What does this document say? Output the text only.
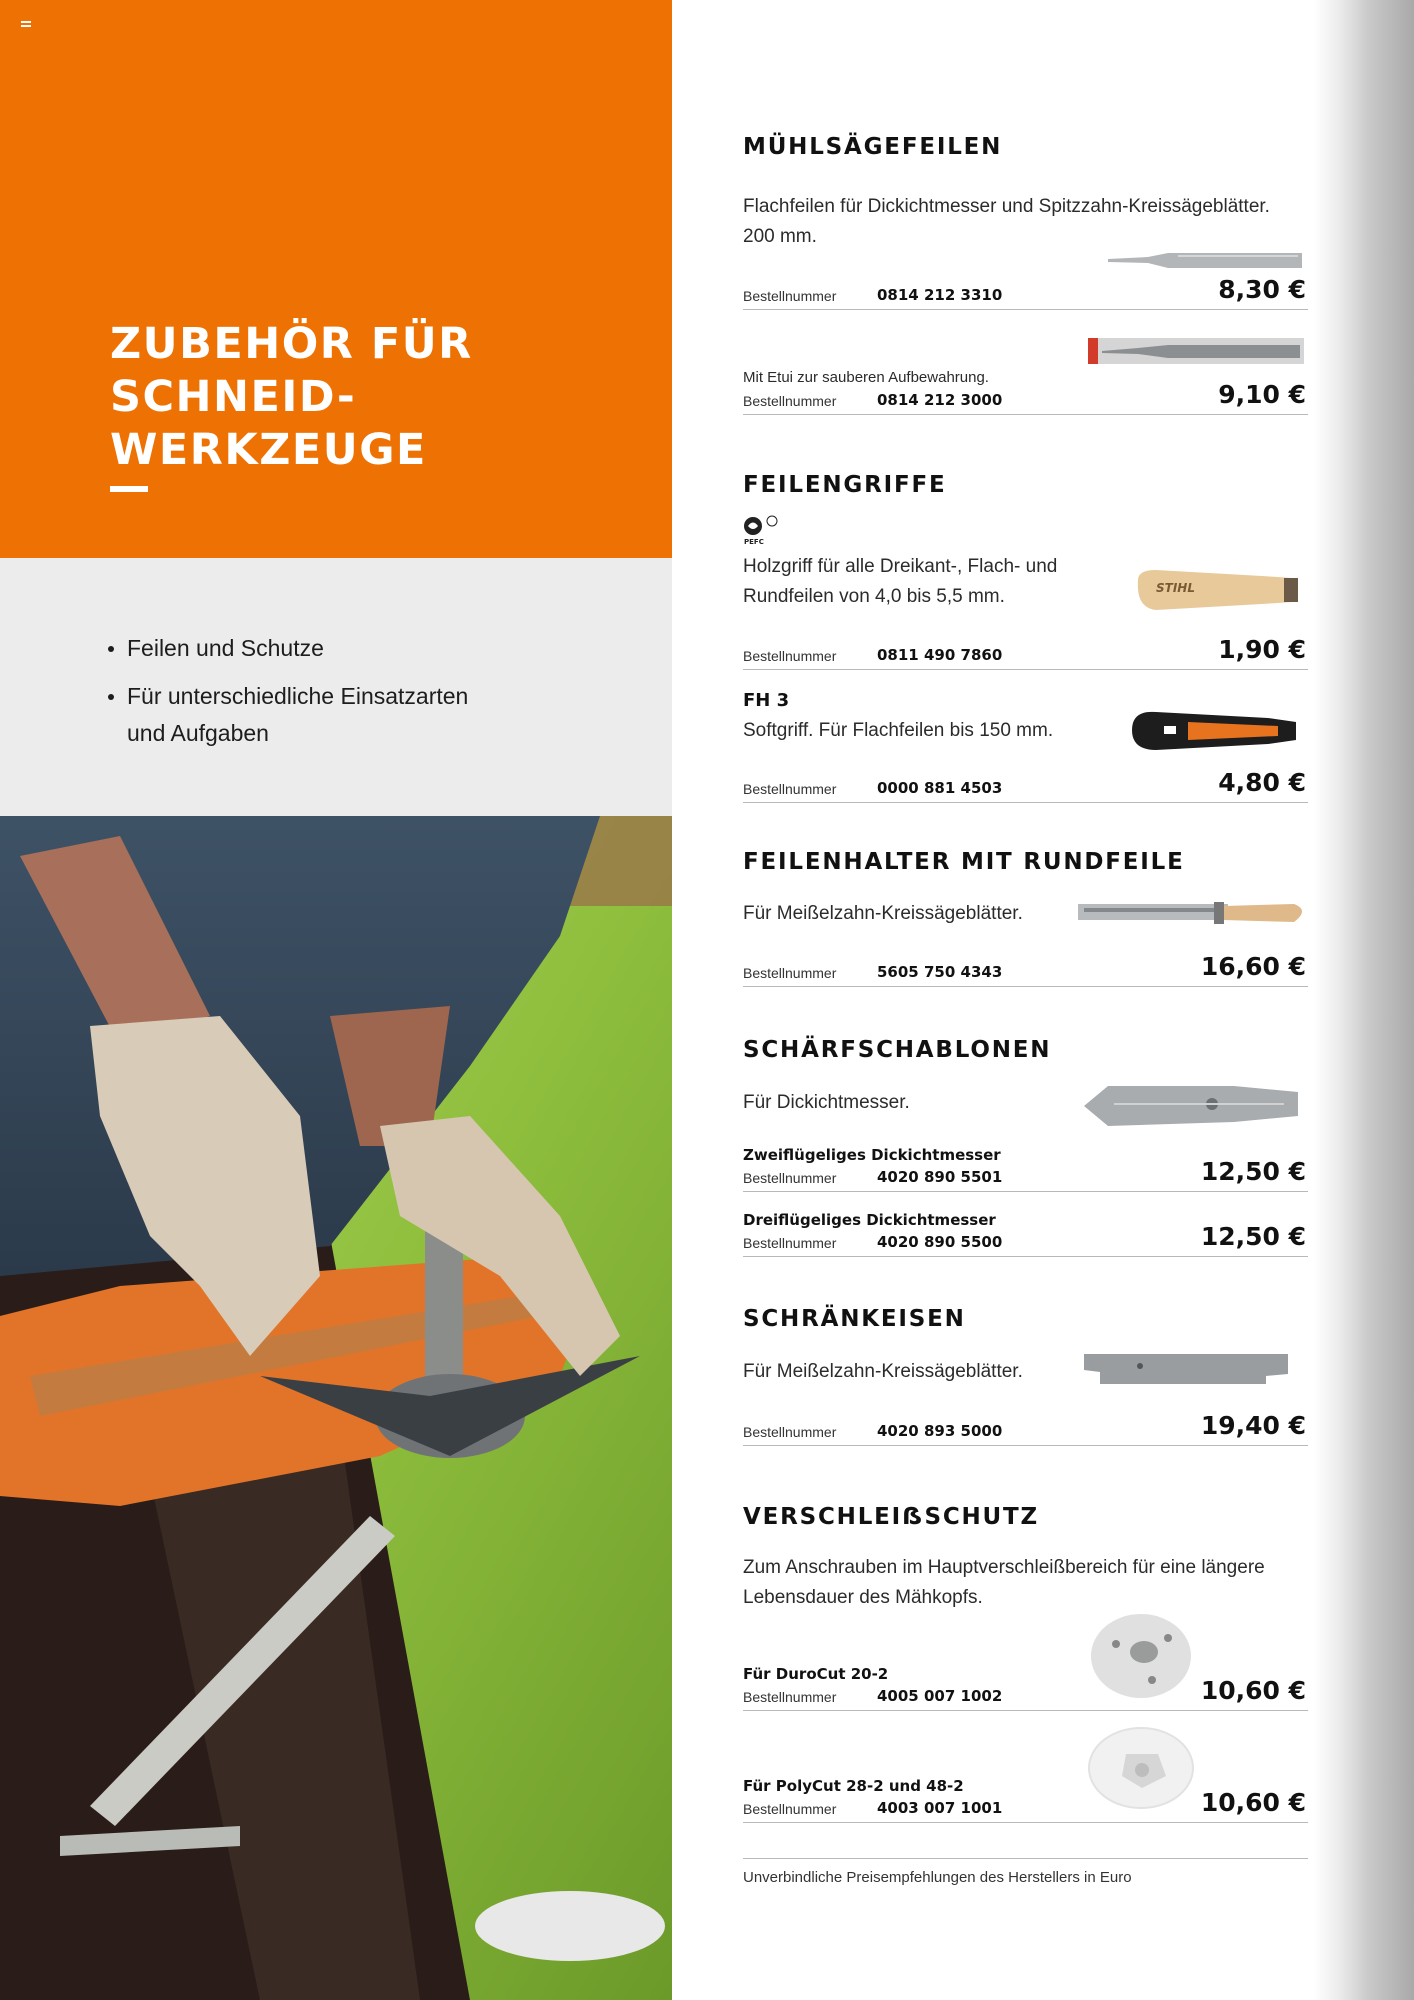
ZUBEHÖR FÜR
SCHNEID-
WERKZEUGE
Feilen und Schutze
Für unterschiedliche Einsatzarten
und Aufgaben
MÜHLSÄGEFEILEN
Flachfeilen für Dickichtmesser und Spitzzahn-Kreissägeblätter.
200 mm.
Bestellnummer	0814 212 3310	8,30 €
Mit Etui zur sauberen Aufbewahrung.
Bestellnummer	0814 212 3000	9,10 €
FEILENGRIFFE
PEFC
Holzgriff für alle Dreikant-, Flach- und
Rundfeilen von 4,0 bis 5,5 mm.	STIHL
Bestellnummer	0811 490 7860	1,90 €
FH 3
Softgriff. Für Flachfeilen bis 150 mm.
Bestellnummer	0000 881 4503	4,80 €
FEILENHALTER MIT RUNDFEILE
Für Meißelzahn-Kreissägeblätter.
Bestellnummer	5605 750 4343	16,60 €
SCHÄRFSCHABLONEN
Für Dickichtmesser.
Zweiflügeliges Dickichtmesser
Bestellnummer	4020 890 5501	12,50 €
Dreiflügeliges Dickichtmesser
Bestellnummer	4020 890 5500	12,50 €
SCHRÄNKEISEN
Für Meißelzahn-Kreissägeblätter.
Bestellnummer	4020 893 5000	19,40 €
VERSCHLEIẞSCHUTZ
Zum Anschrauben im Hauptverschleißbereich für eine längere
Lebensdauer des Mähkopfs.
Für DuroCut 20-2
Bestellnummer	4005 007 1002	10,60 €
Für PolyCut 28-2 und 48-2
Bestellnummer	4003 007 1001	10,60 €
Unverbindliche Preisempfehlungen des Herstellers in Euro
